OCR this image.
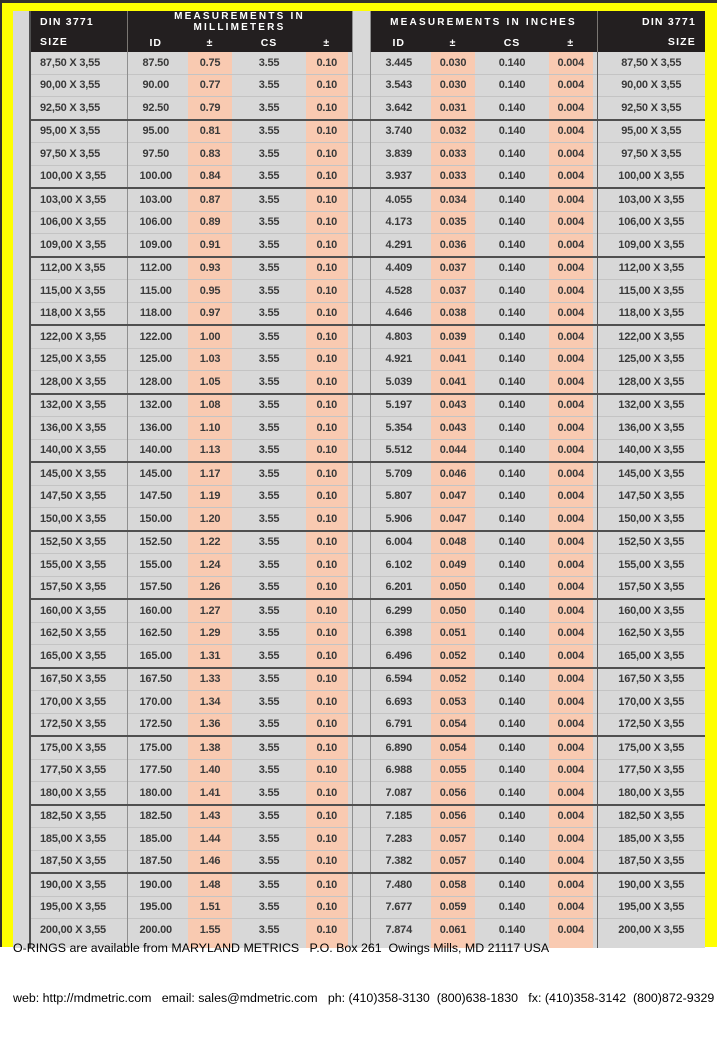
	DIN 3771	MEASUREMENTS IN MILLIMETERS					MEASUREMENTS IN INCHES				DIN 3771

	SIZE	ID	±	CS	±		ID	±	CS	±	SIZE

	87,50 X 3,55	87.50	0.75	3.55	0.10		3.445	0.030	0.140	0.004	87,50 X 3,55
	90,00 X 3,55	90.00	0.77	3.55	0.10		3.543	0.030	0.140	0.004	90,00 X 3,55
	92,50 X 3,55	92.50	0.79	3.55	0.10		3.642	0.031	0.140	0.004	92,50 X 3,55
	95,00 X 3,55	95.00	0.81	3.55	0.10		3.740	0.032	0.140	0.004	95,00 X 3,55
	97,50 X 3,55	97.50	0.83	3.55	0.10		3.839	0.033	0.140	0.004	97,50 X 3,55
	100,00 X 3,55	100.00	0.84	3.55	0.10		3.937	0.033	0.140	0.004	100,00 X 3,55
	103,00 X 3,55	103.00	0.87	3.55	0.10		4.055	0.034	0.140	0.004	103,00 X 3,55
	106,00 X 3,55	106.00	0.89	3.55	0.10		4.173	0.035	0.140	0.004	106,00 X 3,55
	109,00 X 3,55	109.00	0.91	3.55	0.10		4.291	0.036	0.140	0.004	109,00 X 3,55
	112,00 X 3,55	112.00	0.93	3.55	0.10		4.409	0.037	0.140	0.004	112,00 X 3,55
	115,00 X 3,55	115.00	0.95	3.55	0.10		4.528	0.037	0.140	0.004	115,00 X 3,55
	118,00 X 3,55	118.00	0.97	3.55	0.10		4.646	0.038	0.140	0.004	118,00 X 3,55
	122,00 X 3,55	122.00	1.00	3.55	0.10		4.803	0.039	0.140	0.004	122,00 X 3,55
	125,00 X 3,55	125.00	1.03	3.55	0.10		4.921	0.041	0.140	0.004	125,00 X 3,55
	128,00 X 3,55	128.00	1.05	3.55	0.10		5.039	0.041	0.140	0.004	128,00 X 3,55
	132,00 X 3,55	132.00	1.08	3.55	0.10		5.197	0.043	0.140	0.004	132,00 X 3,55
	136,00 X 3,55	136.00	1.10	3.55	0.10		5.354	0.043	0.140	0.004	136,00 X 3,55
	140,00 X 3,55	140.00	1.13	3.55	0.10		5.512	0.044	0.140	0.004	140,00 X 3,55
	145,00 X 3,55	145.00	1.17	3.55	0.10		5.709	0.046	0.140	0.004	145,00 X 3,55
	147,50 X 3,55	147.50	1.19	3.55	0.10		5.807	0.047	0.140	0.004	147,50 X 3,55
	150,00 X 3,55	150.00	1.20	3.55	0.10		5.906	0.047	0.140	0.004	150,00 X 3,55
	152,50 X 3,55	152.50	1.22	3.55	0.10		6.004	0.048	0.140	0.004	152,50 X 3,55
	155,00 X 3,55	155.00	1.24	3.55	0.10		6.102	0.049	0.140	0.004	155,00 X 3,55
	157,50 X 3,55	157.50	1.26	3.55	0.10		6.201	0.050	0.140	0.004	157,50 X 3,55
	160,00 X 3,55	160.00	1.27	3.55	0.10		6.299	0.050	0.140	0.004	160,00 X 3,55
	162,50 X 3,55	162.50	1.29	3.55	0.10		6.398	0.051	0.140	0.004	162,50 X 3,55
	165,00 X 3,55	165.00	1.31	3.55	0.10		6.496	0.052	0.140	0.004	165,00 X 3,55
	167,50 X 3,55	167.50	1.33	3.55	0.10		6.594	0.052	0.140	0.004	167,50 X 3,55
	170,00 X 3,55	170.00	1.34	3.55	0.10		6.693	0.053	0.140	0.004	170,00 X 3,55
	172,50 X 3,55	172.50	1.36	3.55	0.10		6.791	0.054	0.140	0.004	172,50 X 3,55
	175,00 X 3,55	175.00	1.38	3.55	0.10		6.890	0.054	0.140	0.004	175,00 X 3,55
	177,50 X 3,55	177.50	1.40	3.55	0.10		6.988	0.055	0.140	0.004	177,50 X 3,55
	180,00 X 3,55	180.00	1.41	3.55	0.10		7.087	0.056	0.140	0.004	180,00 X 3,55
	182,50 X 3,55	182.50	1.43	3.55	0.10		7.185	0.056	0.140	0.004	182,50 X 3,55
	185,00 X 3,55	185.00	1.44	3.55	0.10		7.283	0.057	0.140	0.004	185,00 X 3,55
	187,50 X 3,55	187.50	1.46	3.55	0.10		7.382	0.057	0.140	0.004	187,50 X 3,55
	190,00 X 3,55	190.00	1.48	3.55	0.10		7.480	0.058	0.140	0.004	190,00 X 3,55
	195,00 X 3,55	195.00	1.51	3.55	0.10		7.677	0.059	0.140	0.004	195,00 X 3,55
	200,00 X 3,55	200.00	1.55	3.55	0.10		7.874	0.061	0.140	0.004	200,00 X 3,55

O-RINGS are available from MARYLAND METRICS   P.O. Box 261  Owings Mills, MD 21117 USA

web: http://mdmetric.com   email: sales@mdmetric.com   ph: (410)358-3130  (800)638-1830   fx: (410)358-3142  (800)872-9329
